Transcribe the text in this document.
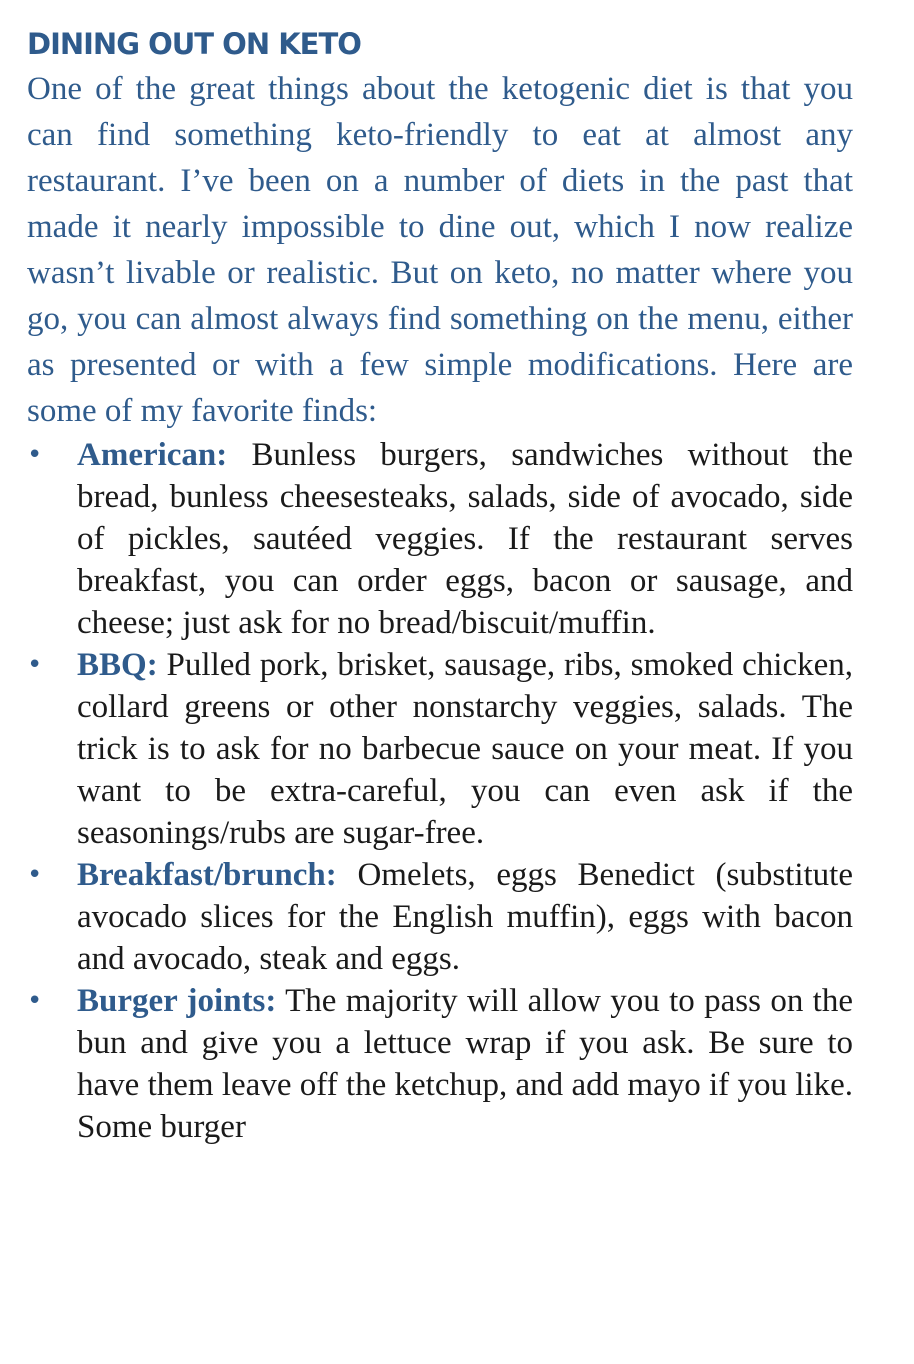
DINING OUT ON KETO

One of the great things about the ketogenic diet is that you can find something keto-friendly to eat at almost any restaurant. I’ve been on a number of diets in the past that made it nearly impossible to dine out, which I now realize wasn’t livable or realistic. But on keto, no matter where you go, you can almost always find something on the menu, either as presented or with a few simple modifications. Here are some of my favorite finds:

• American: Bunless burgers, sandwiches without the bread, bunless cheesesteaks, salads, side of avocado, side of pickles, sautéed veggies. If the restaurant serves breakfast, you can order eggs, bacon or sausage, and cheese; just ask for no bread/biscuit/muffin.
• BBQ: Pulled pork, brisket, sausage, ribs, smoked chicken, collard greens or other nonstarchy veggies, salads. The trick is to ask for no barbecue sauce on your meat. If you want to be extra-careful, you can even ask if the seasonings/rubs are sugar-free.
• Breakfast/brunch: Omelets, eggs Benedict (substitute avocado slices for the English muffin), eggs with bacon and avocado, steak and eggs.
• Burger joints: The majority will allow you to pass on the bun and give you a lettuce wrap if you ask. Be sure to have them leave off the ketchup, and add mayo if you like. Some burger
